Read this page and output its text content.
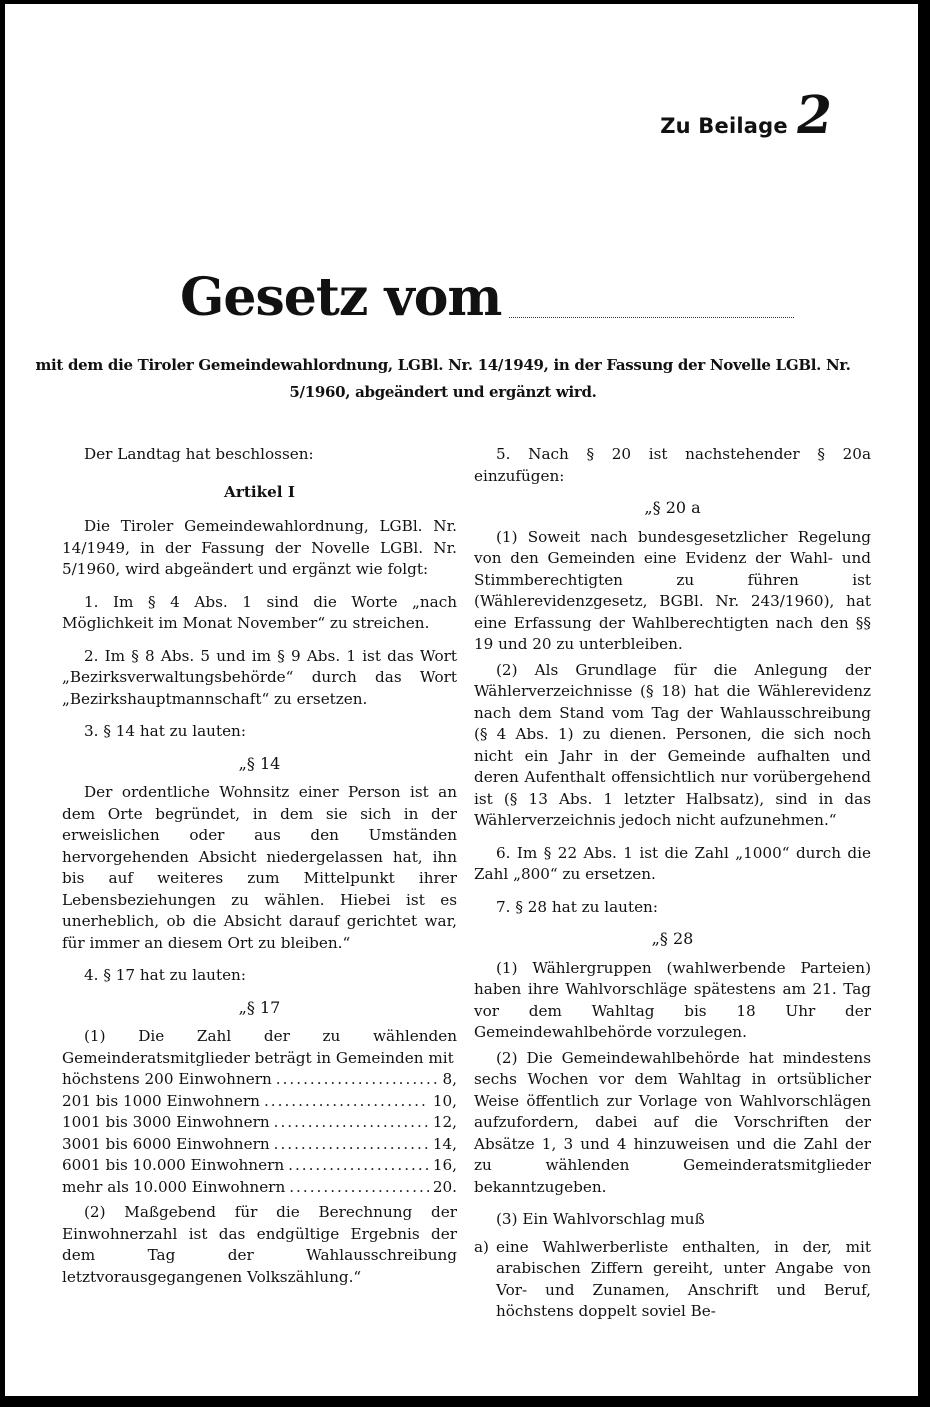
Zu Beilage 2
Gesetz vom
mit dem die Tiroler Gemeindewahlordnung, LGBl. Nr. 14/1949, in der Fassung der Novelle LGBl. Nr. 5/1960, abgeändert und ergänzt wird.

Der Landtag hat beschlossen:

Artikel I

Die Tiroler Gemeindewahlordnung, LGBl. Nr. 14/1949, in der Fassung der Novelle LGBl. Nr. 5/1960, wird abgeändert und ergänzt wie folgt:

1. Im § 4 Abs. 1 sind die Worte „nach Möglichkeit im Monat November“ zu streichen.

2. Im § 8 Abs. 5 und im § 9 Abs. 1 ist das Wort „Bezirksverwaltungsbehörde“ durch das Wort „Bezirkshauptmannschaft“ zu ersetzen.

3. § 14 hat zu lauten:

„§ 14

Der ordentliche Wohnsitz einer Person ist an dem Orte begründet, in dem sie sich in der erweislichen oder aus den Umständen hervorgehenden Absicht niedergelassen hat, ihn bis auf weiteres zum Mittelpunkt ihrer Lebensbeziehungen zu wählen. Hiebei ist es unerheblich, ob die Absicht darauf gerichtet war, für immer an diesem Ort zu bleiben.“

4. § 17 hat zu lauten:

„§ 17

(1) Die Zahl der zu wählenden Gemeinderatsmitglieder beträgt in Gemeinden mit

höchstens 200 Einwohnern .....	8,
201 bis 1000 Einwohnern .....	10,
1001 bis 3000 Einwohnern .....	12,
3001 bis 6000 Einwohnern .....	14,
6001 bis 10.000 Einwohnern .....	16,
mehr als 10.000 Einwohnern .....	20.

(2) Maßgebend für die Berechnung der Einwohnerzahl ist das endgültige Ergebnis der dem Tag der Wahlausschreibung letztvorausgegangenen Volkszählung.“

5. Nach § 20 ist nachstehender § 20a einzufügen:

„§ 20 a

(1) Soweit nach bundesgesetzlicher Regelung von den Gemeinden eine Evidenz der Wahl- und Stimmberechtigten zu führen ist (Wählerevidenzgesetz, BGBl. Nr. 243/1960), hat eine Erfassung der Wahlberechtigten nach den §§ 19 und 20 zu unterbleiben.

(2) Als Grundlage für die Anlegung der Wählerverzeichnisse (§ 18) hat die Wählerevidenz nach dem Stand vom Tag der Wahlausschreibung (§ 4 Abs. 1) zu dienen. Personen, die sich noch nicht ein Jahr in der Gemeinde aufhalten und deren Aufenthalt offensichtlich nur vorübergehend ist (§ 13 Abs. 1 letzter Halbsatz), sind in das Wählerverzeichnis jedoch nicht aufzunehmen.“

6. Im § 22 Abs. 1 ist die Zahl „1000“ durch die Zahl „800“ zu ersetzen.

7. § 28 hat zu lauten:

„§ 28

(1) Wählergruppen (wahlwerbende Parteien) haben ihre Wahlvorschläge spätestens am 21. Tag vor dem Wahltag bis 18 Uhr der Gemeindewahlbehörde vorzulegen.

(2) Die Gemeindewahlbehörde hat mindestens sechs Wochen vor dem Wahltag in ortsüblicher Weise öffentlich zur Vorlage von Wahlvorschlägen aufzufordern, dabei auf die Vorschriften der Absätze 1, 3 und 4 hinzuweisen und die Zahl der zu wählenden Gemeinderatsmitglieder bekanntzugeben.

(3) Ein Wahlvorschlag muß

a) eine Wahlwerberliste enthalten, in der, mit arabischen Ziffern gereiht, unter Angabe von Vor- und Zunamen, Anschrift und Beruf, höchstens doppelt soviel Be-
